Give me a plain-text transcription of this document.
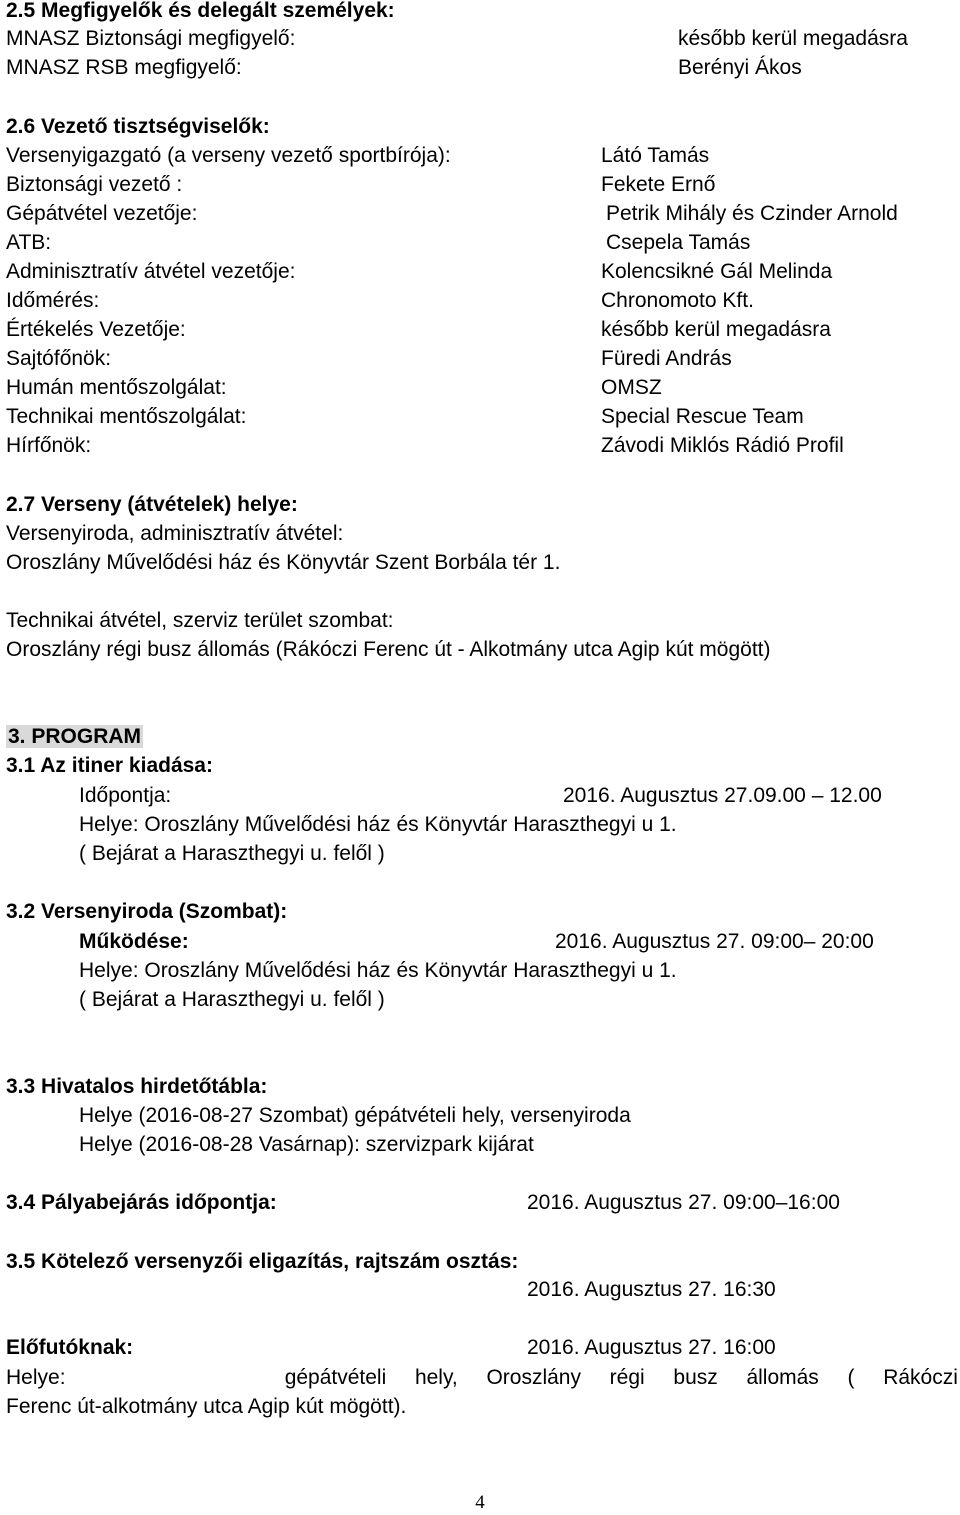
2.5 Megfigyelők és delegált személyek:
MNASZ Biztonsági megfigyelő:	később kerül megadásra
MNASZ RSB megfigyelő:	Berényi Ákos
2.6 Vezető tisztségviselők:
Versenyigazgató (a verseny vezető sportbírója):	Látó Tamás
Biztonsági vezető :	Fekete Ernő
Gépátvétel vezetője:	Petrik Mihály és Czinder Arnold
ATB:	Csepela Tamás
Adminisztratív átvétel vezetője:	Kolencsikné Gál Melinda
Időmérés:	Chronomoto Kft.
Értékelés Vezetője:	később kerül megadásra
Sajtófőnök:	Füredi András
Humán mentőszolgálat:	OMSZ
Technikai mentőszolgálat:	Special Rescue Team
Hírfőnök:	Závodi Miklós Rádió Profil
2.7 Verseny (átvételek) helye:
Versenyiroda, adminisztratív átvétel:
Oroszlány Művelődési ház és Könyvtár Szent Borbála tér 1.
Technikai átvétel, szerviz terület szombat:
Oroszlány régi busz állomás (Rákóczi Ferenc út - Alkotmány utca Agip kút mögött)
3. PROGRAM
3.1 Az itiner kiadása:
Időpontja:	2016. Augusztus 27.09.00 – 12.00
Helye: Oroszlány Művelődési ház és Könyvtár Haraszthegyi u 1.
( Bejárat a Haraszthegyi u. felől )
3.2 Versenyiroda (Szombat):
Működése:	2016. Augusztus 27. 09:00– 20:00
Helye: Oroszlány Művelődési ház és Könyvtár Haraszthegyi u 1.
( Bejárat a Haraszthegyi u. felől )
3.3 Hivatalos hirdetőtábla:
Helye (2016-08-27 Szombat) gépátvételi hely, versenyiroda
Helye (2016-08-28 Vasárnap): szervizpark kijárat
3.4 Pályabejárás időpontja:	2016. Augusztus 27. 09:00–16:00
3.5 Kötelező versenyzői eligazítás, rajtszám osztás:
2016. Augusztus 27. 16:30
Előfutóknak:	2016. Augusztus 27. 16:00
Helye:	gépátvételi hely, Oroszlány régi busz állomás ( Rákóczi
Ferenc út-alkotmány utca Agip kút mögött).
4
